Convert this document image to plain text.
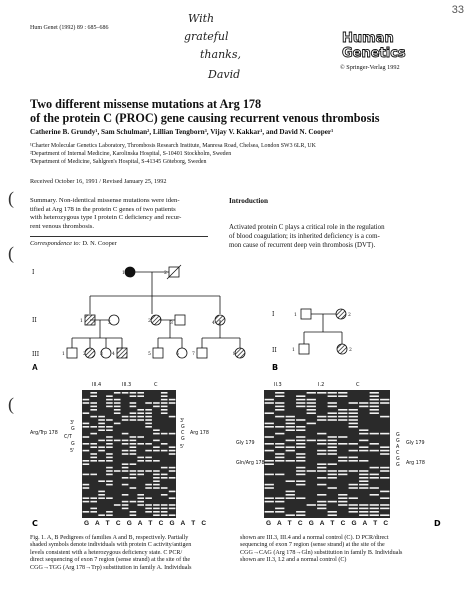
Hum Genet (1992) 89 : 685–686
33
With
grateful
thanks,
David
Human
Genetics
© Springer-Verlag 1992
Two different missense mutations at Arg 178
of the protein C (PROC) gene causing recurrent venous thrombosis
Catherine B. Grundy¹, Sam Schulman², Lillian Tengborn³, Vijay V. Kakkar¹, and David N. Cooper¹
¹Charter Molecular Genetics Laboratory, Thrombosis Research Institute, Manresa Road, Chelsea, London SW3 6LR, UK
²Department of Internal Medicine, Karolinska Hospital, S-10401 Stockholm, Sweden
³Department of Medicine, Sahlgren's Hospital, S-41345 Göteborg, Sweden
Received October 16, 1991 / Revised January 25, 1992
( Summary. Non-identical missense mutations were iden-
tified at Arg 178 in the protein C genes of two patients
with heterozygous type I protein C deficiency and recur-
rent venous thrombosis.
Correspondence to: D. N. Cooper
(
Introduction
Activated protein C plays a critical role in the regulation
of blood coagulation; its inherited deficiency is a com-
mon cause of recurrent deep vein thrombosis (DVT).
I
II
III
1	2
1	2	3	4
5
1	2	3 4	5	6	7	8
A
I
II
1	2
1	2
B
(
III.4	III.3	C
Arg/Trp 178
3'
G
C/T
G
5'
3'
G
C
G
5'
Arg 178
C	G A T C G A T C G A T C
II.3	I.2	C
Gly 179
Gln/Arg 178
G
G
A
C
G
G
Gly 179
Arg 178
D
G A T C G A T C G A T C
Fig. 1. A, B Pedigrees of families A and B, respectively. Partially
shaded symbols denote individuals with protein C activity/antigen
levels consistent with a heterozygous deficiency state. C PCR/
direct sequencing of exon 7 region (sense strand) at the site of the
CGG→TGG (Arg 178→Trp) substitution in family A. Individuals
shown are III.3, III.4 and a normal control (C). D PCR/direct
sequencing of exon 7 region (sense strand) at the site of the
CGG→CAG (Arg 178→Gln) substitution in family B. Individuals
shown are II.3, I.2 and a normal control (C)
